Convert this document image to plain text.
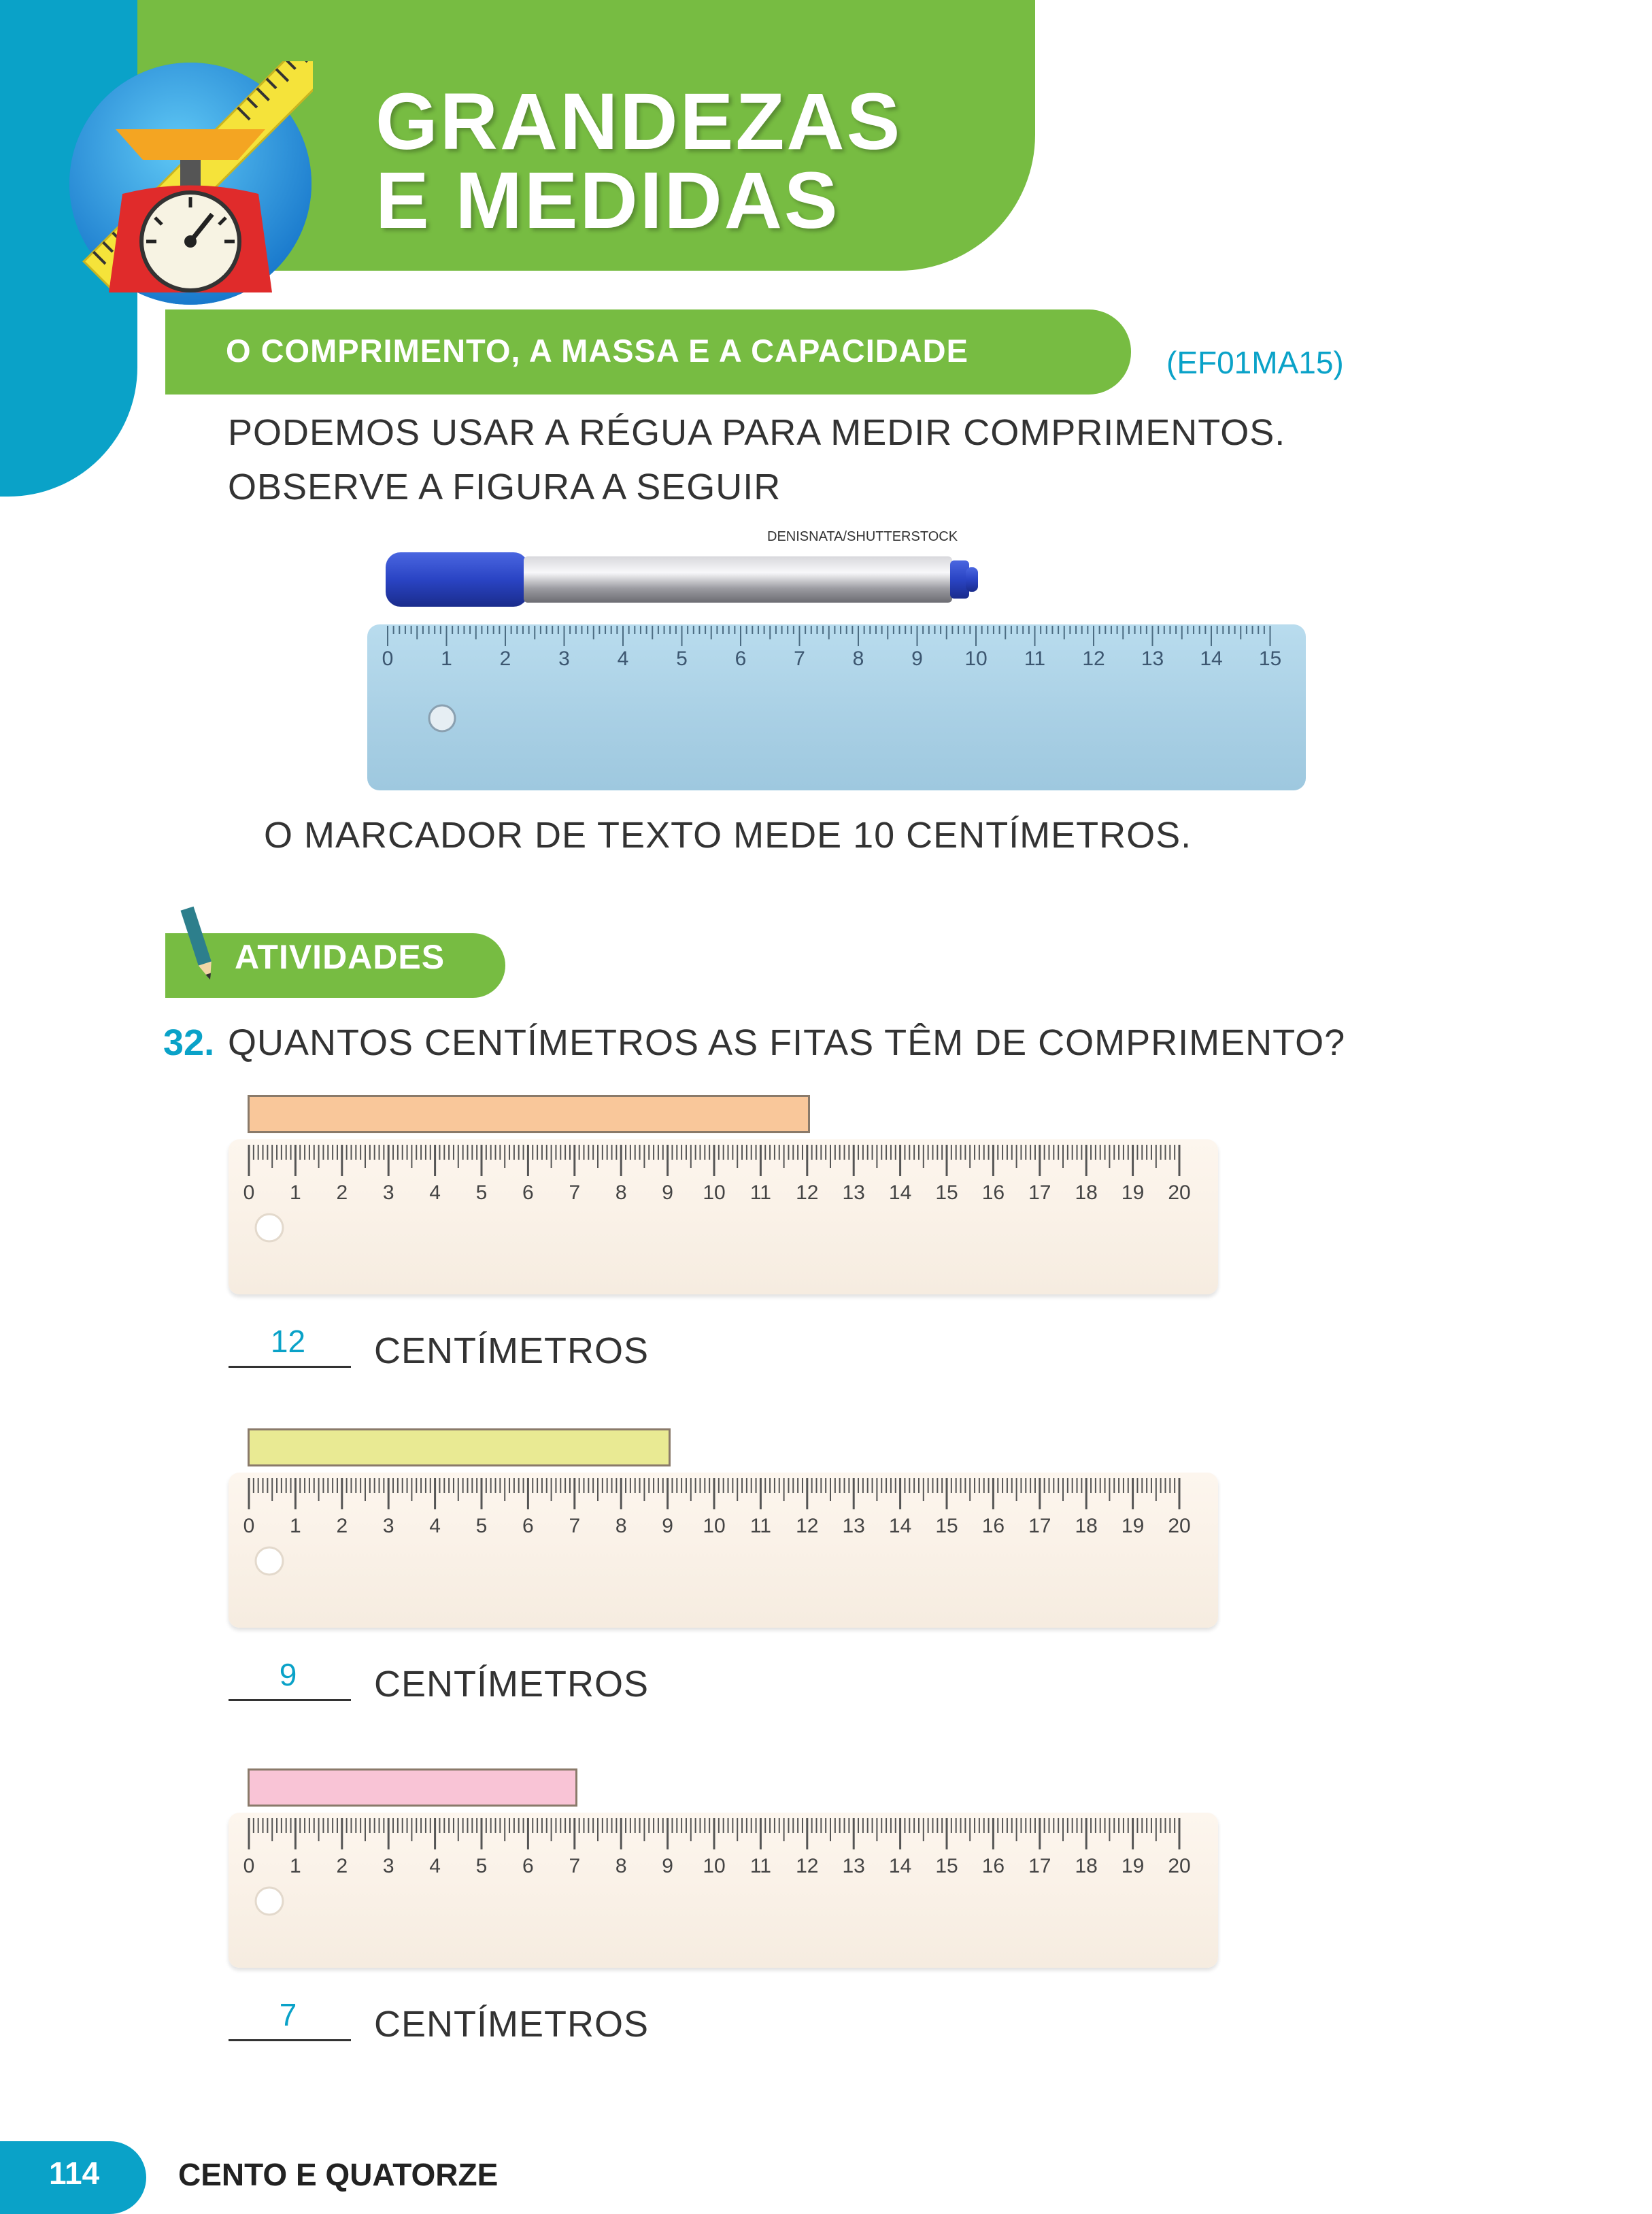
GRANDEZAS
E MEDIDAS
O COMPRIMENTO, A MASSA E A CAPACIDADE	(EF01MA15)
PODEMOS USAR A RÉGUA PARA MEDIR COMPRIMENTOS.
OBSERVE A FIGURA A SEGUIR
DENISNATA/SHUTTERSTOCK
0 1 2 3 4 5 6 7 8 9 10 11 12 13 14 15
O MARCADOR DE TEXTO MEDE 10 CENTÍMETROS.
ATIVIDADES
32. QUANTOS CENTÍMETROS AS FITAS TÊM DE COMPRIMENTO?
0 1 2 3 4 5 6 7 8 9 10 11 12 13 14 15 16 17 18 19 20
12	CENTÍMETROS
0 1 2 3 4 5 6 7 8 9 10 11 12 13 14 15 16 17 18 19 20
9	CENTÍMETROS
0 1 2 3 4 5 6 7 8 9 10 11 12 13 14 15 16 17 18 19 20
7	CENTÍMETROS
114	CENTO E QUATORZE
